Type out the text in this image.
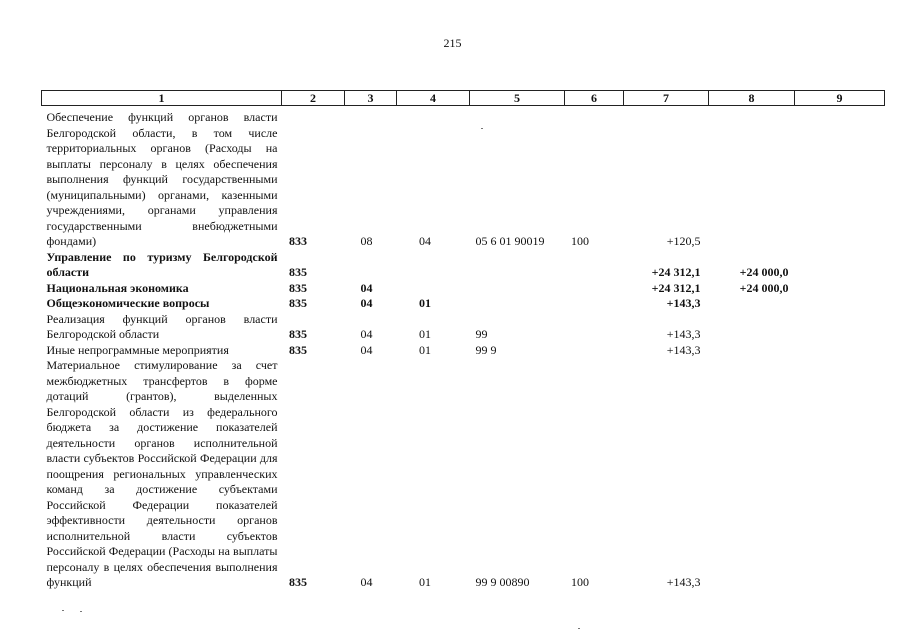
215
1	2	3	4	5	6	7	8	9
Обеспечение функций органов власти Белгородской области, в том числе территориальных органов (Расходы на выплаты персоналу в целях обеспечения выполнения функций государственными (муниципальными) органами, казенными учреждениями, органами управления государственными внебюджетными фондами)	833	08	04	05 6 01 90019	100	+120,5		
Управление по туризму Белгородской области	835					+24 312,1	+24 000,0	
Национальная экономика	835	04				+24 312,1	+24 000,0	
Общеэкономические вопросы	835	04	01			+143,3		
Реализация функций органов власти Белгородской области	835	04	01	99		+143,3		
Иные непрограммные мероприятия	835	04	01	99 9		+143,3		
Материальное стимулирование за счет межбюджетных трансфертов в форме дотаций (грантов), выделенных Белгородской области из федерального бюджета за достижение показателей деятельности органов исполнительной власти субъектов Российской Федерации для поощрения региональных управленческих команд за достижение субъектами Российской Федерации показателей эффективности деятельности органов исполнительной власти субъектов Российской Федерации (Расходы на выплаты персоналу в целях обеспечения выполнения функций	835	04	01	99 9 00890	100	+143,3		
